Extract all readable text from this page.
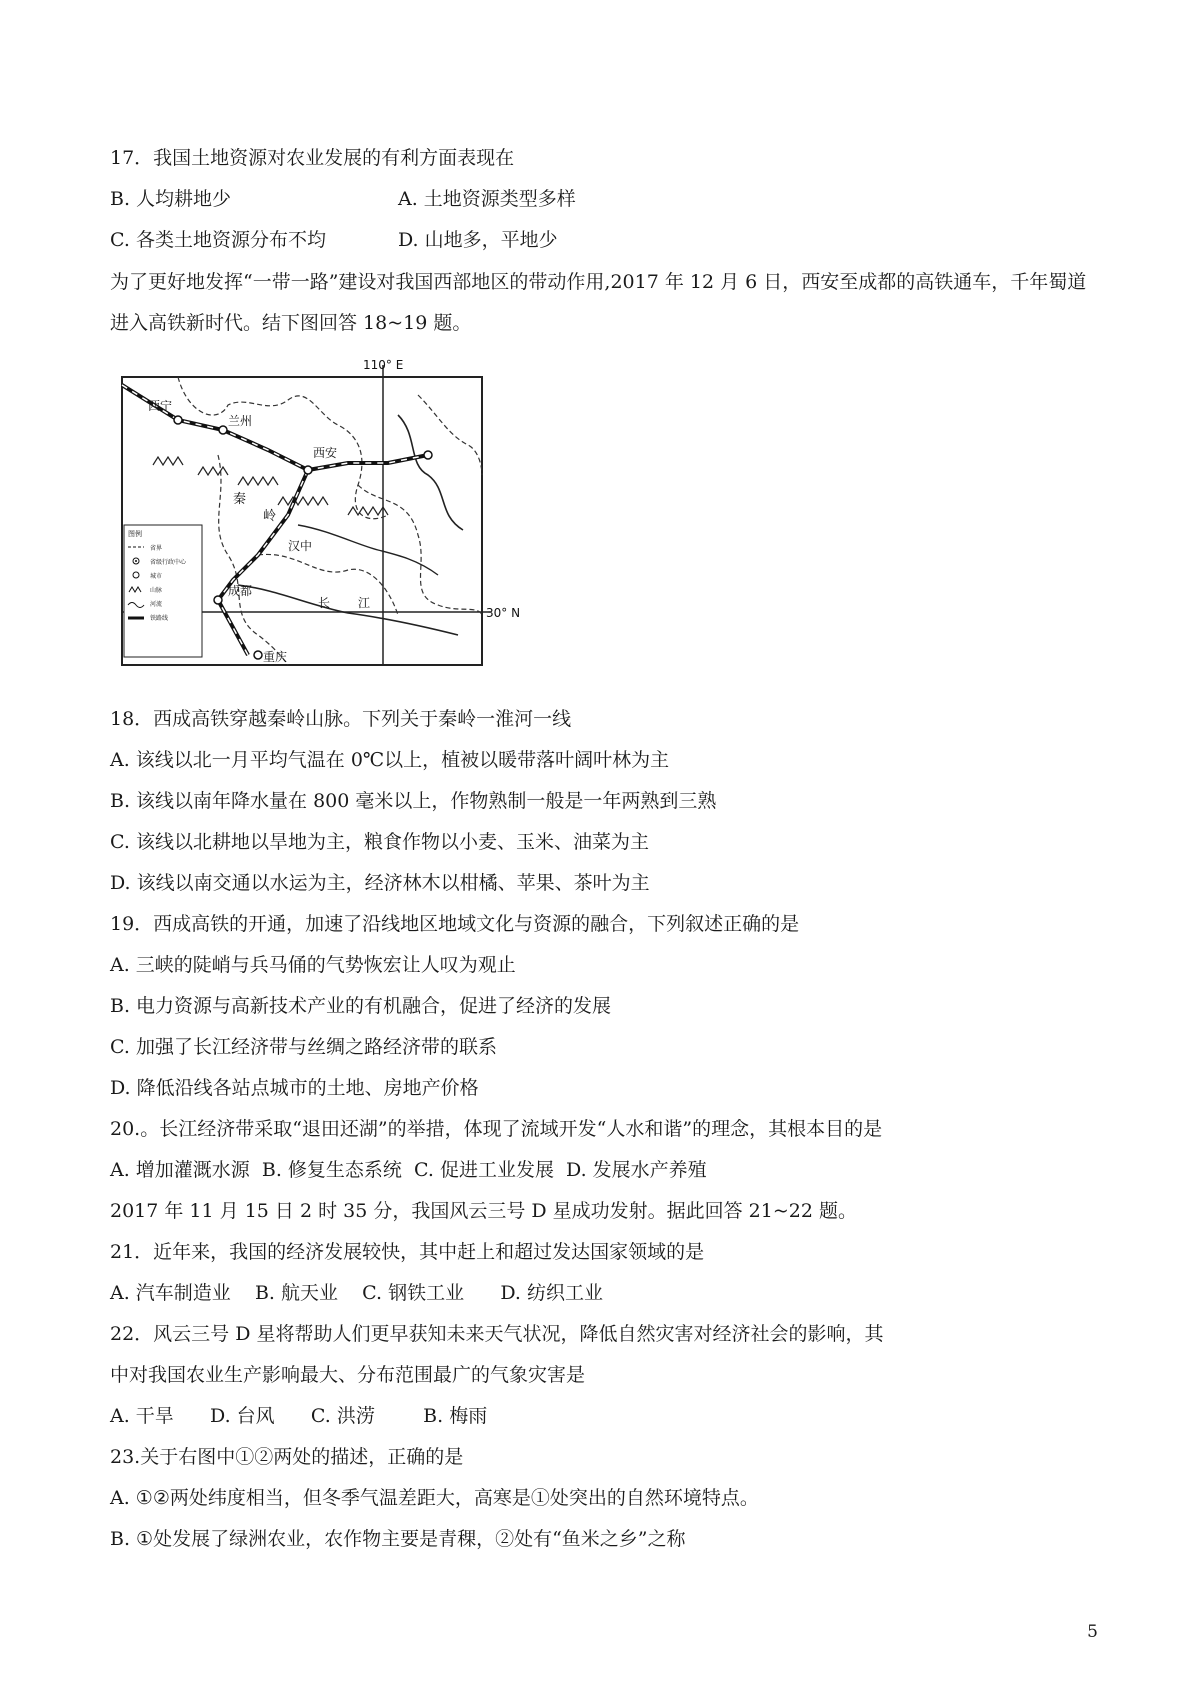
17．我国土地资源对农业发展的有利方面表现在
B. 人均耕地少	A. 土地资源类型多样
C. 各类土地资源分布不均	D. 山地多，平地少
为了更好地发挥“一带一路”建设对我国西部地区的带动作用,2017 年 12 月 6 日，西安至成都的高铁通车，千年蜀道进入高铁新时代。结下图回答 18~19 题。
110° E
30° N
西宁
兰州
西安
汉中
成都
重庆
秦
岭
长 江
图例
省界
省级行政中心
城市
山脉
河流
铁路线
18．西成高铁穿越秦岭山脉。下列关于秦岭一淮河一线
A. 该线以北一月平均气温在 0℃以上，植被以暖带落叶阔叶林为主
B. 该线以南年降水量在 800 毫米以上，作物熟制一般是一年两熟到三熟
C. 该线以北耕地以旱地为主，粮食作物以小麦、玉米、油菜为主
D. 该线以南交通以水运为主，经济林木以柑橘、苹果、茶叶为主
19．西成高铁的开通，加速了沿线地区地域文化与资源的融合，下列叙述正确的是
A. 三峡的陡峭与兵马俑的气势恢宏让人叹为观止
B. 电力资源与高新技术产业的有机融合，促进了经济的发展
C. 加强了长江经济带与丝绸之路经济带的联系
D. 降低沿线各站点城市的土地、房地产价格
20.。长江经济带采取“退田还湖”的举措，体现了流域开发“人水和谐”的理念，其根本目的是
A. 增加灌溉水源  B. 修复生态系统  C. 促进工业发展  D. 发展水产养殖
2017 年 11 月 15 日 2 时 35 分，我国风云三号 D 星成功发射。据此回答 21~22 题。
21．近年来，我国的经济发展较快，其中赶上和超过发达国家领域的是
A. 汽车制造业    B. 航天业    C. 钢铁工业      D. 纺织工业
22．风云三号 D 星将帮助人们更早获知未来天气状况，降低自然灾害对经济社会的影响，其
中对我国农业生产影响最大、分布范围最广的气象灾害是
A. 干旱      D. 台风      C. 洪涝        B. 梅雨
23.关于右图中①②两处的描述，正确的是
A. ①②两处纬度相当，但冬季气温差距大，高寒是①处突出的自然环境特点。
B. ①处发展了绿洲农业，农作物主要是青稞，②处有“鱼米之乡”之称
5
